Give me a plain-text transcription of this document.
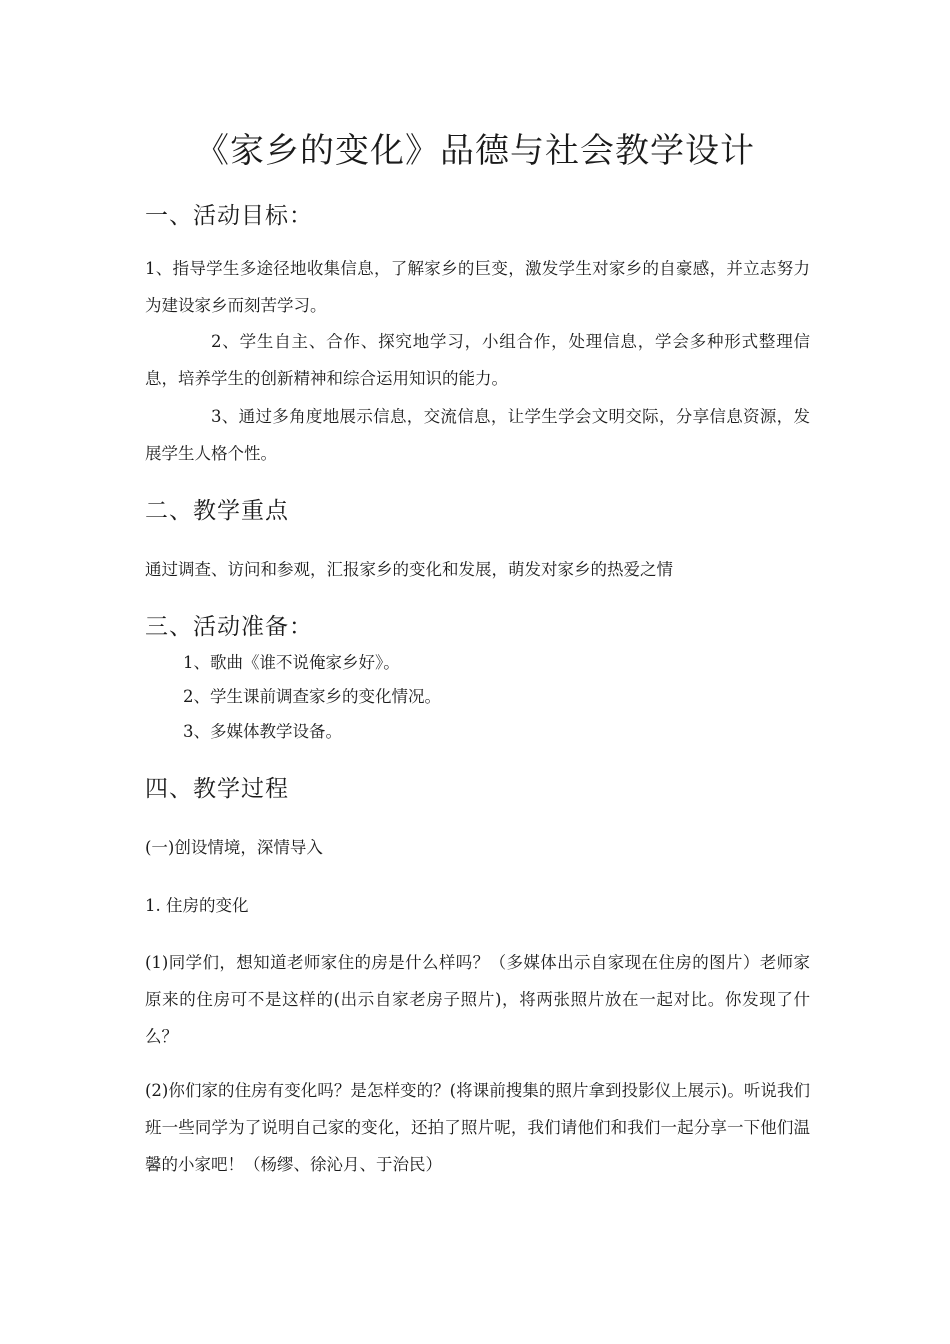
《家乡的变化》品德与社会教学设计
一、活动目标：
1、指导学生多途径地收集信息，了解家乡的巨变，激发学生对家乡的自豪感，并立志努力为建设家乡而刻苦学习。
2、学生自主、合作、探究地学习，小组合作，处理信息，学会多种形式整理信息，培养学生的创新精神和综合运用知识的能力。
3、通过多角度地展示信息，交流信息，让学生学会文明交际，分享信息资源，发展学生人格个性。
二、教学重点
通过调查、访问和参观，汇报家乡的变化和发展，萌发对家乡的热爱之情
三、活动准备：
1、歌曲《谁不说俺家乡好》。
2、学生课前调查家乡的变化情况。
3、多媒体教学设备。
四、教学过程
(一)创设情境，深情导入
1. 住房的变化
(1)同学们，想知道老师家住的房是什么样吗？（多媒体出示自家现在住房的图片）老师家原来的住房可不是这样的(出示自家老房子照片)，将两张照片放在一起对比。你发现了什么？
(2)你们家的住房有变化吗？是怎样变的？(将课前搜集的照片拿到投影仪上展示)。听说我们班一些同学为了说明自己家的变化，还拍了照片呢，我们请他们和我们一起分享一下他们温馨的小家吧！（杨缪、徐沁月、于治民）
